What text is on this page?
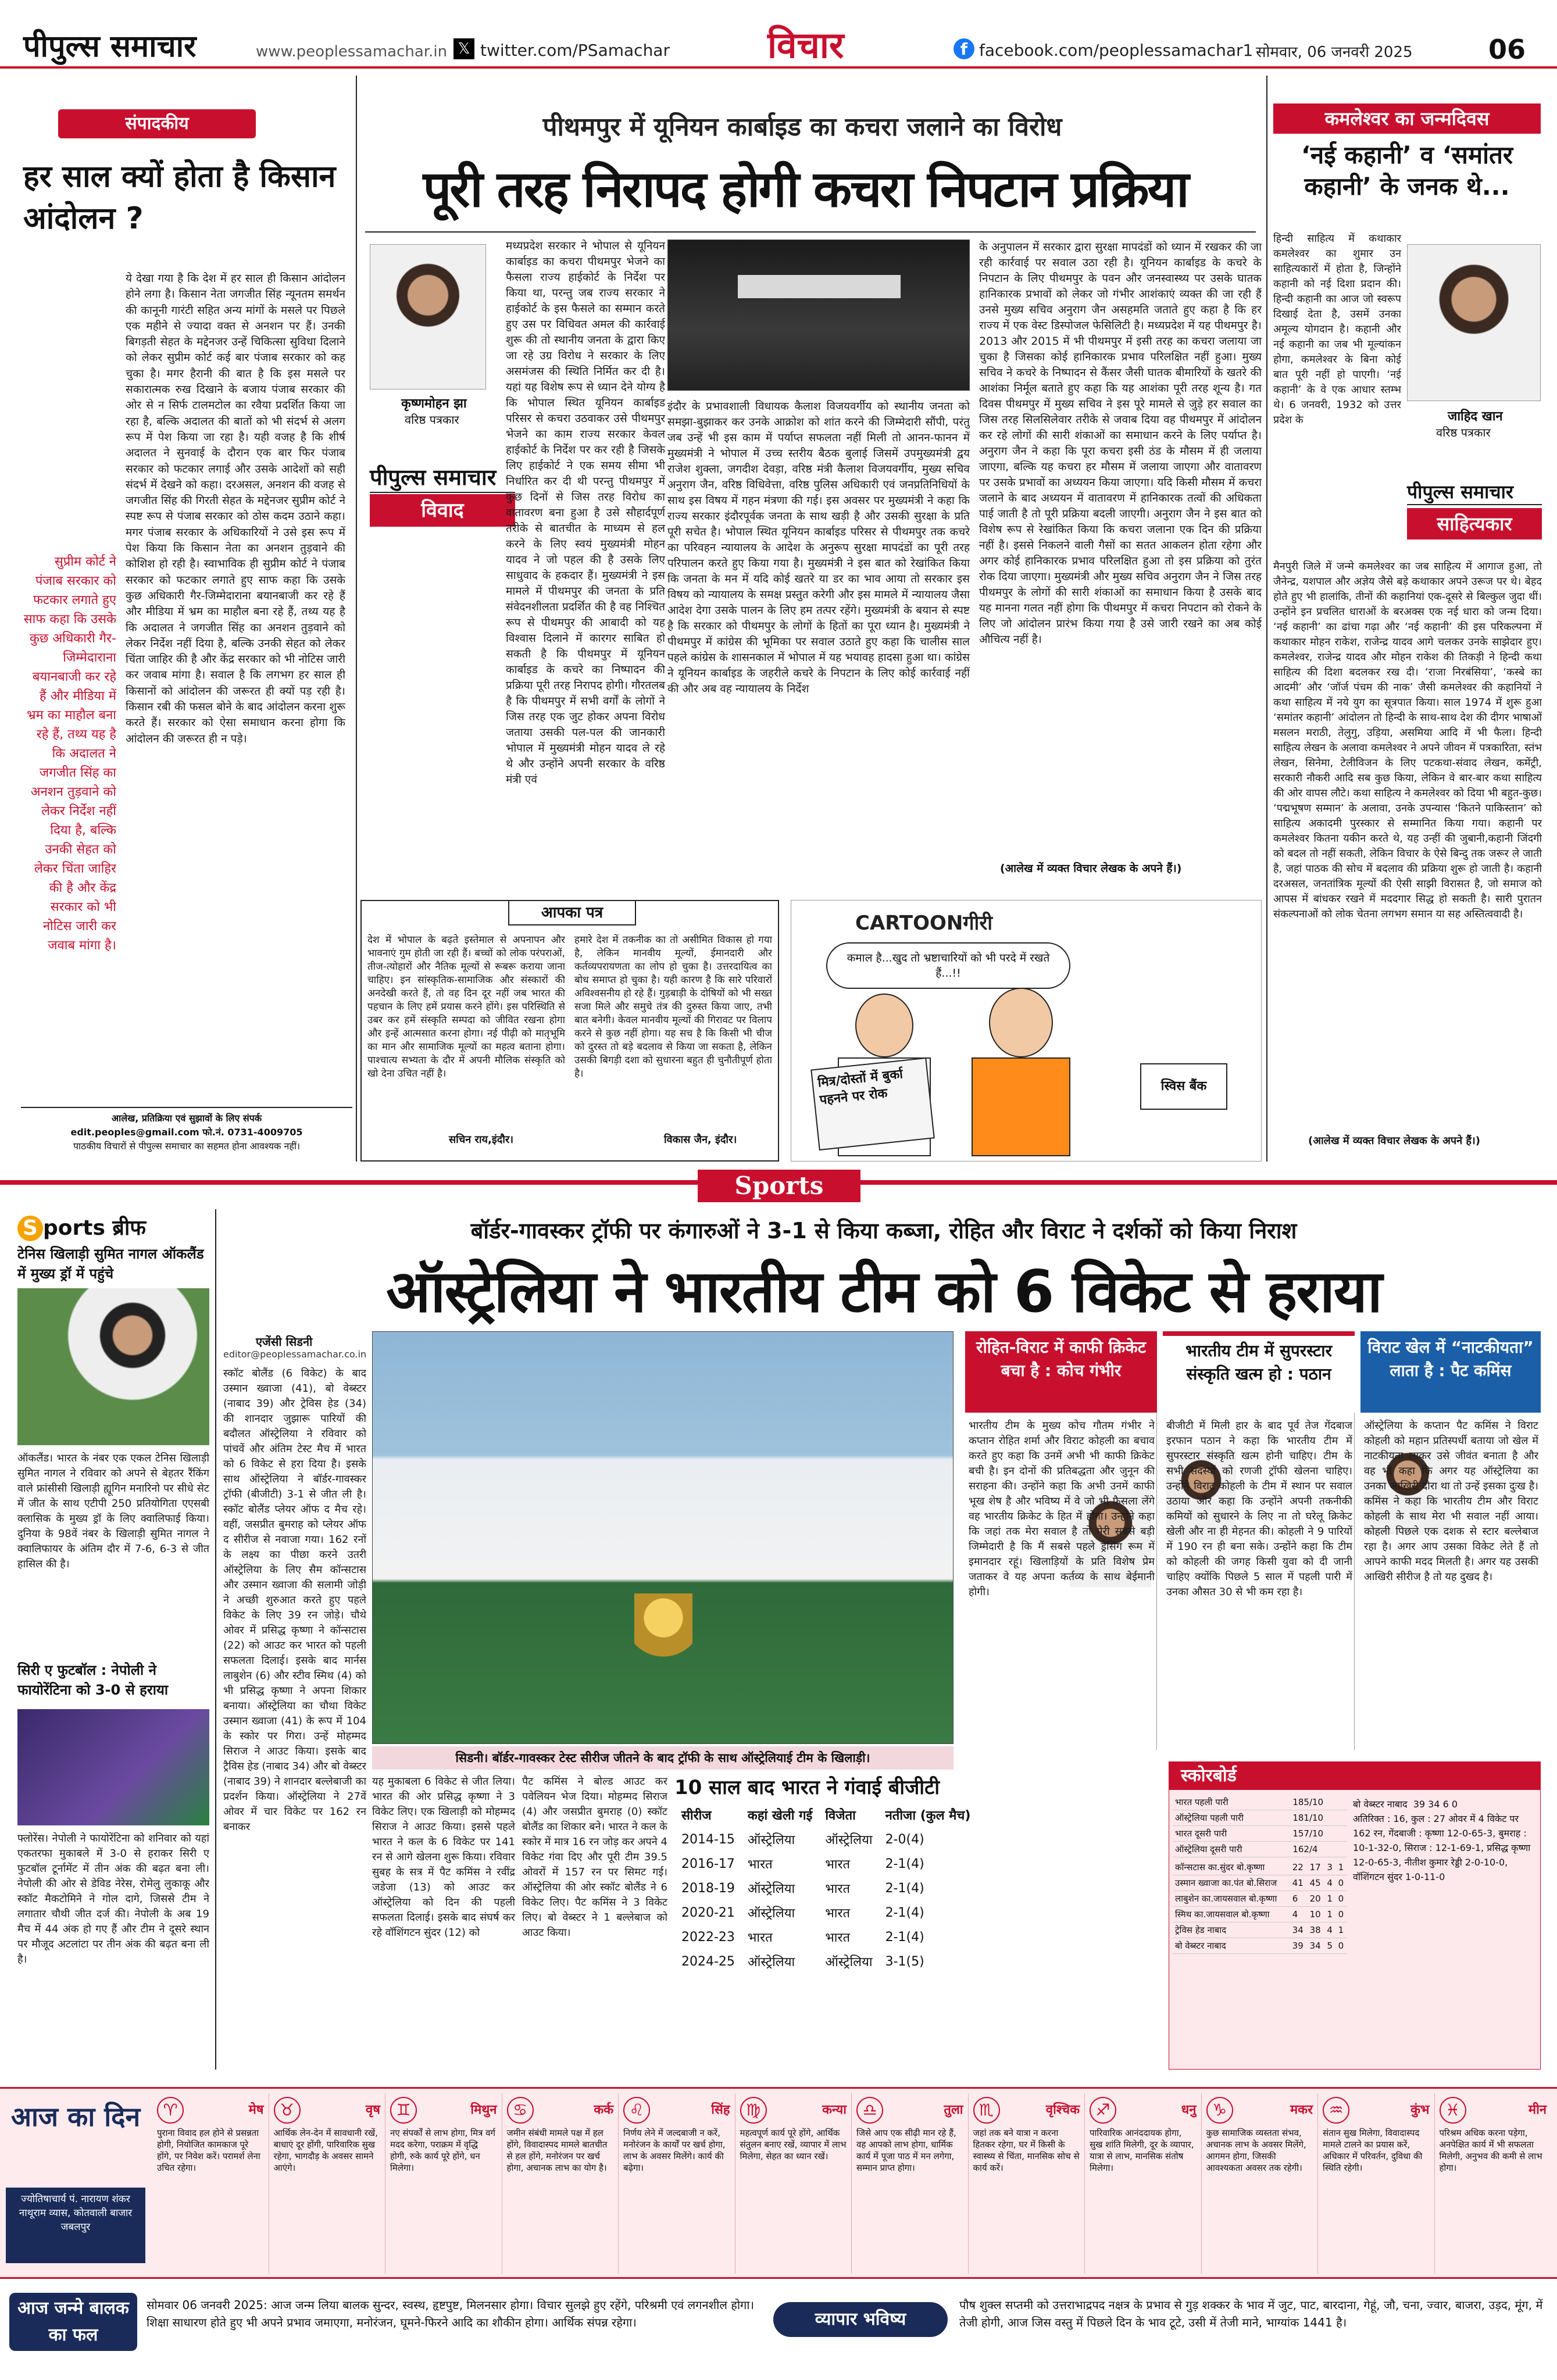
पीपुल्स समाचार	www.peoplessamachar.in 𝕏 twitter.com/PSamachar	विचार	f facebook.com/peoplessamachar1 सोमवार, 06 जनवरी 2025	06
संपादकीय
हर साल क्यों होता है किसान आंदोलन ?
ये देखा गया है कि देश में हर साल ही किसान आंदोलन होने लगा है। किसान नेता जगजीत सिंह न्यूनतम समर्थन की कानूनी गारंटी सहित अन्य मांगों के मसले पर पिछले एक महीने से ज्यादा वक्त से अनशन पर हैं। उनकी बिगड़ती सेहत के मद्देनजर उन्हें चिकित्सा सुविधा दिलाने को लेकर सुप्रीम कोर्ट कई बार पंजाब सरकार को कह चुका है। मगर हैरानी की बात है कि इस मसले पर सकारात्मक रुख दिखाने के बजाय पंजाब सरकार की ओर से न सिर्फ टालमटोल का रवैया प्रदर्शित किया जा रहा है, बल्कि अदालत की बातों को भी संदर्भ से अलग रूप में पेश किया जा रहा है। यही वजह है कि शीर्ष अदालत ने सुनवाई के दौरान एक बार फिर पंजाब सरकार को फटकार लगाई और उसके आदेशों को सही संदर्भ में देखने को कहा। दरअसल, अनशन की वजह से जगजीत सिंह की गिरती सेहत के मद्देनजर सुप्रीम कोर्ट ने स्पष्ट रूप से पंजाब सरकार को ठोस कदम उठाने कहा। मगर पंजाब सरकार के अधिकारियों ने उसे इस रूप में पेश किया कि किसान नेता का अनशन तुड़वाने की कोशिश हो रही है। स्वाभाविक ही सुप्रीम कोर्ट ने पंजाब सरकार को फटकार लगाते हुए साफ कहा कि उसके कुछ अधिकारी गैर-जिम्मेदाराना बयानबाजी कर रहे हैं और मीडिया में भ्रम का माहौल बना रहे हैं, तथ्य यह है कि अदालत ने जगजीत सिंह का अनशन तुड़वाने को लेकर निर्देश नहीं दिया है, बल्कि उनकी सेहत को लेकर चिंता जाहिर की है और केंद्र सरकार को भी नोटिस जारी कर जवाब मांगा है। सवाल है कि लगभग हर साल ही किसानों को आंदोलन की जरूरत ही क्यों पड़ रही है। किसान रबी की फसल बोने के बाद आंदोलन करना शुरू करते हैं। सरकार को ऐसा समाधान करना होगा कि आंदोलन की जरूरत ही न पड़े।
सुप्रीम कोर्ट ने पंजाब सरकार को फटकार लगाते हुए साफ कहा कि उसके कुछ अधिकारी गैर-जिम्मेदाराना बयानबाजी कर रहे हैं और मीडिया में भ्रम का माहौल बना रहे हैं, तथ्य यह है कि अदालत ने जगजीत सिंह का अनशन तुड़वाने को लेकर निर्देश नहीं दिया है, बल्कि उनकी सेहत को लेकर चिंता जाहिर की है और केंद्र सरकार को भी नोटिस जारी कर जवाब मांगा है।
आलेख, प्रतिक्रिया एवं सुझावों के लिए संपर्क
edit.peoples@gmail.com फो.नं. 0731-4009705
पाठकीय विचारों से पीपुल्स समाचार का सहमत होना आवश्यक नहीं।
पीथमपुर में यूनियन कार्बाइड का कचरा जलाने का विरोध
पूरी तरह निरापद होगी कचरा निपटान प्रक्रिया
कृष्णमोहन झा
वरिष्ठ पत्रकार
पीपुल्स समाचार
विवाद
मध्यप्रदेश सरकार ने भोपाल से यूनियन कार्बाइड का कचरा पीथमपुर भेजने का फैसला राज्य हाईकोर्ट के निर्देश पर किया था, परन्तु जब राज्य सरकार ने हाईकोर्ट के इस फैसले का सम्मान करते हुए उस पर विधिवत अमल की कार्रवाई शुरू की तो स्थानीय जनता के द्वारा किए जा रहे उग्र विरोध ने सरकार के लिए असमंजस की स्थिति निर्मित कर दी है। यहां यह विशेष रूप से ध्यान देने योग्य है कि भोपाल स्थित यूनियन कार्बाइड परिसर से कचरा उठवाकर उसे पीथमपुर भेजने का काम राज्य सरकार केवल हाईकोर्ट के निर्देश पर कर रही है जिसके लिए हाईकोर्ट ने एक समय सीमा भी निर्धारित कर दी थी परन्तु पीथमपुर में कुछ दिनों से जिस तरह विरोध का वातावरण बना हुआ है उसे सौहार्दपूर्ण तरीके से बातचीत के माध्यम से हल करने के लिए स्वयं मुख्यमंत्री मोहन यादव ने जो पहल की है उसके लिए साधुवाद के हकदार हैं। मुख्यमंत्री ने इस मामले में पीथमपुर की जनता के प्रति संवेदनशीलता प्रदर्शित की है वह निश्चित रूप से पीथमपुर की आबादी को यह विश्वास दिलाने में कारगर साबित हो सकती है कि पीथमपुर में यूनियन कार्बाइड के कचरे का निष्पादन की प्रक्रिया पूरी तरह निरापद होगी। गौरतलब है कि पीथमपुर में सभी वर्गों के लोगों ने जिस तरह एक जुट होकर अपना विरोध जताया उसकी पल-पल की जानकारी भोपाल में मुख्यमंत्री मोहन यादव ले रहे थे और उन्होंने अपनी सरकार के वरिष्ठ मंत्री एवं
इंदौर के प्रभावशाली विधायक कैलाश विजयवर्गीय को स्थानीय जनता को समझा-बुझाकर कर उनके आक्रोश को शांत करने की जिम्मेदारी सौंपी, परंतु जब उन्हें भी इस काम में पर्याप्त सफलता नहीं मिली तो आनन-फानन में मुख्यमंत्री ने भोपाल में उच्च स्तरीय बैठक बुलाई जिसमें उपमुख्यमंत्री द्वय राजेश शुक्ला, जगदीश देवड़ा, वरिष्ठ मंत्री कैलाश विजयवर्गीय, मुख्य सचिव अनुराग जैन, वरिष्ठ विधिवेत्ता, वरिष्ठ पुलिस अधिकारी एवं जनप्रतिनिधियों के साथ इस विषय में गहन मंत्रणा की गई। इस अवसर पर मुख्यमंत्री ने कहा कि राज्य सरकार इंदौरपूर्वक जनता के साथ खड़ी है और उसकी सुरक्षा के प्रति पूरी सचेत है। भोपाल स्थित यूनियन कार्बाइड परिसर से पीथमपुर तक कचरे का परिवहन न्यायालय के आदेश के अनुरूप सुरक्षा मापदंडों का पूरी तरह परिपालन करते हुए किया गया है। मुख्यमंत्री ने इस बात को रेखांकित किया कि जनता के मन में यदि कोई खतरे या डर का भाव आया तो सरकार इस विषय को न्यायालय के समक्ष प्रस्तुत करेगी और इस मामले में न्यायालय जैसा आदेश देगा उसके पालन के लिए हम तत्पर रहेंगे। मुख्यमंत्री के बयान से स्पष्ट है कि सरकार को पीथमपुर के लोगों के हितों का पूरा ध्यान है। मुख्यमंत्री ने पीथमपुर में कांग्रेस की भूमिका पर सवाल उठाते हुए कहा कि चालीस साल पहले कांग्रेस के शासनकाल में भोपाल में यह भयावह हादसा हुआ था। कांग्रेस ने यूनियन कार्बाइड के जहरीले कचरे के निपटान के लिए कोई कार्रवाई नहीं की और अब वह न्यायालय के निर्देश
के अनुपालन में सरकार द्वारा सुरक्षा मापदंडों को ध्यान में रखकर की जा रही कार्रवाई पर सवाल उठा रही है। यूनियन कार्बाइड के कचरे के निपटान के लिए पीथमपुर के पवन और जनस्वास्थ्य पर उसके घातक हानिकारक प्रभावों को लेकर जो गंभीर आशंकाएं व्यक्त की जा रही हैं उनसे मुख्य सचिव अनुराग जैन असहमति जताते हुए कहा है कि हर राज्य में एक वेस्ट डिस्पोजल फेसिलिटी है। मध्यप्रदेश में यह पीथमपुर है। 2013 और 2015 में भी पीथमपुर में इसी तरह का कचरा जलाया जा चुका है जिसका कोई हानिकारक प्रभाव परिलक्षित नहीं हुआ। मुख्य सचिव ने कचरे के निष्पादन से कैंसर जैसी घातक बीमारियों के खतरे की आशंका निर्मूल बताते हुए कहा कि यह आशंका पूरी तरह शून्य है। गत दिवस पीथमपुर में मुख्य सचिव ने इस पूरे मामले से जुड़े हर सवाल का जिस तरह सिलसिलेवार तरीके से जवाब दिया वह पीथमपुर में आंदोलन कर रहे लोगों की सारी शंकाओं का समाधान करने के लिए पर्याप्त है। अनुराग जैन ने कहा कि पूरा कचरा इसी ठंड के मौसम में ही जलाया जाएगा, बल्कि यह कचरा हर मौसम में जलाया जाएगा और वातावरण पर उसके प्रभावों का अध्ययन किया जाएगा। यदि किसी मौसम में कचरा जलाने के बाद अध्ययन में वातावरण में हानिकारक तत्वों की अधिकता पाई जाती है तो पूरी प्रक्रिया बदली जाएगी। अनुराग जैन ने इस बात को विशेष रूप से रेखांकित किया कि कचरा जलाना एक दिन की प्रक्रिया नहीं है। इससे निकलने वाली गैसों का सतत आकलन होता रहेगा और अगर कोई हानिकारक प्रभाव परिलक्षित हुआ तो इस प्रक्रिया को तुरंत रोक दिया जाएगा। मुख्यमंत्री और मुख्य सचिव अनुराग जैन ने जिस तरह पीथमपुर के लोगों की सारी शंकाओं का समाधान किया है उसके बाद यह मानना गलत नहीं होगा कि पीथमपुर में कचरा निपटान को रोकने के लिए जो आंदोलन प्रारंभ किया गया है उसे जारी रखने का अब कोई औचित्य नहीं है।
(आलेख में व्यक्त विचार लेखक के अपने हैं।)
आपका पत्र
देश में भोपाल के बढ़ते इस्तेमाल से अपनापन और भावनाएं गुम होती जा रही हैं। बच्चों को लोक परंपराओं, तीज-त्योहारों और नैतिक मूल्यों से रूबरू कराया जाना चाहिए। इन सांस्कृतिक-सामाजिक और संस्कारों की अनदेखी करते हैं, तो वह दिन दूर नहीं जब भारत की पहचान के लिए हमें प्रयास करने होंगे। इस परिस्थिति से उबर कर हमें संस्कृति सम्पदा को जीवित रखना होगा और इन्हें आत्मसात करना होगा। नई पीढ़ी को मातृभूमि का मान और सामाजिक मूल्यों का महत्व बताना होगा। पाश्चात्य सभ्यता के दौर में अपनी मौलिक संस्कृति को खो देना उचित नहीं है।
सचिन राय,इंदौर।
हमारे देश में तकनीक का तो असीमित विकास हो गया है, लेकिन मानवीय मूल्यों, ईमानदारी और कर्तव्यपरायणता का लोप हो चुका है। उत्तरदायित्व का बोध समाप्त हो चुका है। यही कारण है कि सारे परिवारों अविश्वसनीय हो रहे हैं। गुड़बाड़ी के दोषियों को भी सख्त सजा मिले और समुचे तंत्र की दुरुस्त किया जाए, तभी बात बनेगी। केवल मानवीय मूल्यों की गिरावट पर विलाप करने से कुछ नहीं होगा। यह सच है कि किसी भी चीज को दुरस्त तो बड़े बदलाव से किया जा सकता है, लेकिन उसकी बिगड़ी दशा को सुधारना बहुत ही चुनौतीपूर्ण होता है।
विकास जैन, इंदौर।
CARTOONगीरी
कमाल है...खुद तो भ्रष्टाचारियों को भी परदे में रखते हैं...!!
मित्र/दोस्तों में बुर्का पहनने पर रोक	स्विस बैंक
कमलेश्वर का जन्मदिवस
‘नई कहानी’ व ‘समांतर कहानी’ के जनक थे...
हिन्दी साहित्य में कथाकार कमलेश्वर का शुमार उन साहित्यकारों में होता है, जिन्होंने कहानी को नई दिशा प्रदान की। हिन्दी कहानी का आज जो स्वरूप दिखाई देता है, उसमें उनका अमूल्य योगदान है। कहानी और नई कहानी का जब भी मूल्यांकन होगा, कमलेश्वर के बिना कोई बात पूरी नहीं हो पाएगी। ‘नई कहानी’ के वे एक आधार स्तम्भ थे। 6 जनवरी, 1932 को उत्तर प्रदेश के	जाहिद खान
वरिष्ठ पत्रकार
पीपुल्स समाचार
साहित्यकार
मैनपुरी जिले में जन्मे कमलेश्वर का जब साहित्य में आगाज हुआ, तो जैनेन्द्र, यशपाल और अज्ञेय जैसे बड़े कथाकार अपने उरूज पर थे। बेहद होते हुए भी हालांकि, तीनों की कहानियां एक-दूसरे से बिल्कुल जुदा थीं। उन्होंने इन प्रचलित धाराओं के बरअक्स एक नई धारा को जन्म दिया। ‘नई कहानी’ का ढांचा गढ़ा और ‘नई कहानी’ की इस परिकल्पना में कथाकार मोहन राकेश, राजेन्द्र यादव आगे चलकर उनके साझेदार हुए। कमलेश्वर, राजेन्द्र यादव और मोहन राकेश की तिकड़ी ने हिन्दी कथा साहित्य की दिशा बदलकर रख दी। ‘राजा निरबंसिया’, ‘कस्बे का आदमी’ और ‘जॉर्ज पंचम की नाक’ जैसी कमलेश्वर की कहानियों ने कथा साहित्य में नये युग का सूत्रपात किया। साल 1974 में शुरू हुआ ‘समांतर कहानी’ आंदोलन तो हिन्दी के साथ-साथ देश की दीगर भाषाओं मसलन मराठी, तेलुगु, उड़िया, असमिया आदि में भी फैला। हिन्दी साहित्य लेखन के अलावा कमलेश्वर ने अपने जीवन में पत्रकारिता, स्तंभ लेखन, सिनेमा, टेलीविजन के लिए पटकथा-संवाद लेखन, कमेंट्री, सरकारी नौकरी आदि सब कुछ किया, लेकिन वे बार-बार कथा साहित्य की ओर वापस लौटे। कथा साहित्य ने कमलेश्वर को दिया भी बहुत-कुछ। ‘पद्मभूषण सम्मान’ के अलावा, उनके उपन्यास ‘कितने पाकिस्तान’ को साहित्य अकादमी पुरस्कार से सम्मानित किया गया। कहानी पर कमलेश्वर कितना यकीन करते थे, यह उन्हीं की जुबानी,कहानी जिंदगी को बदल तो नहीं सकती, लेकिन विचार के ऐसे बिन्दु तक जरूर ले जाती है, जहां पाठक की सोच में बदलाव की प्रक्रिया शुरू हो जाती है। कहानी दरअसल, जनतांत्रिक मूल्यों की ऐसी साझी विरासत है, जो समाज को आपस में बांधकर रखने में मददगार सिद्ध हो सकती है। सारी पुरातन संकल्पनाओं को लोक चेतना लगभग समान या सह अस्तित्ववादी है।
(आलेख में व्यक्त विचार लेखक के अपने हैं।)
Sports
S ports ब्रीफ
टेनिस खिलाड़ी सुमित नागल ऑकलैंड में मुख्य ड्रॉ में पहुंचे
ऑकलैंड। भारत के नंबर एक एकल टेनिस खिलाड़ी सुमित नागल ने रविवार को अपने से बेहतर रैंकिंग वाले फ्रांसीसी खिलाड़ी ह्यूगिन मनारिनो पर सीधे सेट में जीत के साथ एटीपी 250 प्रतियोगिता एएसबी क्लासिक के मुख्य ड्रॉ के लिए क्वालिफाई किया। दुनिया के 98वें नंबर के खिलाड़ी सुमित नागल ने क्वालिफायर के अंतिम दौर में 7-6, 6-3 से जीत हासिल की है।
सिरी ए फुटबॉल : नेपोली ने फायोरेंटिना को 3-0 से हराया
फ्लोरेंस। नेपोली ने फायोरेंटिना को शनिवार को यहां एकतरफा मुकाबले में 3-0 से हराकर सिरी ए फुटबॉल टूर्नामेंट में तीन अंक की बढ़त बना ली। नेपोली की ओर से डेविड नेरेस, रोमेलु लुकाकू और स्कॉट मैकटोमिने ने गोल दागे, जिससे टीम ने लगातार चौथी जीत दर्ज की। नेपोली के अब 19 मैच में 44 अंक हो गए हैं और टीम ने दूसरे स्थान पर मौजूद अटलांटा पर तीन अंक की बढ़त बना ली है।
बॉर्डर-गावस्कर ट्रॉफी पर कंगारुओं ने 3-1 से किया कब्जा, रोहित और विराट ने दर्शकों को किया निराश
ऑस्ट्रेलिया ने भारतीय टीम को 6 विकेट से हराया
एजेंसी सिडनी
editor@peoplessamachar.co.in
स्कॉट बोलैंड (6 विकेट) के बाद उस्मान ख्वाजा (41), बो वेब्स्टर (नाबाद 39) और ट्रेविस हेड (34) की शानदार जुझारू पारियों की बदौलत ऑस्ट्रेलिया ने रविवार को पांचवें और अंतिम टेस्ट मैच में भारत को 6 विकेट से हरा दिया है। इसके साथ ऑस्ट्रेलिया ने बॉर्डर-गावस्कर ट्रॉफी (बीजीटी) 3-1 से जीत ली है। स्कॉट बोलैंड प्लेयर ऑफ द मैच रहे। वहीं, जसप्रीत बुमराह को प्लेयर ऑफ द सीरीज से नवाजा गया। 162 रनों के लक्ष्य का पीछा करने उतरी ऑस्ट्रेलिया के लिए सैम कॉन्सटास और उस्मान ख्वाजा की सलामी जोड़ी ने अच्छी शुरुआत करते हुए पहले विकेट के लिए 39 रन जोड़े। चौथे ओवर में प्रसिद्ध कृष्णा ने कॉन्सटास (22) को आउट कर भारत को पहली सफलता दिलाई। इसके बाद मार्नस लाबुशेन (6) और स्टीव स्मिथ (4) को भी प्रसिद्ध कृष्णा ने अपना शिकार बनाया। ऑस्ट्रेलिया का चौथा विकेट उस्मान ख्वाजा (41) के रूप में 104 के स्कोर पर गिरा। उन्हें मोहम्मद सिराज ने आउट किया। इसके बाद ट्रैविस हेड (नाबाद 34) और बो वेब्स्टर (नाबाद 39) ने शानदार बल्लेबाजी का प्रदर्शन किया। ऑस्ट्रेलिया ने 27वें ओवर में चार विकेट पर 162 रन बनाकर
सिडनी। बॉर्डर-गावस्कर टेस्ट सीरीज जीतने के बाद ट्रॉफी के साथ ऑस्ट्रेलियाई टीम के खिलाड़ी।
यह मुकाबला 6 विकेट से जीत लिया। भारत की ओर प्रसिद्ध कृष्णा ने 3 विकेट लिए। एक खिलाड़ी को मोहम्मद सिराज ने आउट किया। इससे पहले भारत ने कल के 6 विकेट पर 141 रन से आगे खेलना शुरू किया। रविवार सुबह के सत्र में पैट कमिंस ने रवींद्र जडेजा (13) को आउट कर ऑस्ट्रेलिया को दिन की पहली सफलता दिलाई। इसके बाद संघर्ष कर रहे वॉशिंगटन सुंदर (12) को
पैट कमिंस ने बोल्ड आउट कर पवेलियन भेज दिया। मोहम्मद सिराज (4) और जसप्रीत बुमराह (0) स्कॉट बोलैंड का शिकार बने। भारत ने कल के स्कोर में मात्र 16 रन जोड़ कर अपने 4 विकेट गंवा दिए और पूरी टीम 39.5 ओवरों में 157 रन पर सिमट गई। ऑस्ट्रेलिया की ओर स्कॉट बोलैंड ने 6 विकेट लिए। पैट कमिंस ने 3 विकेट लिए। बो वेब्स्टर ने 1 बल्लेबाज को आउट किया।
रोहित-विराट में काफी क्रिकेट बचा है : कोच गंभीर
भारतीय टीम के मुख्य कोच गौतम गंभीर ने कप्तान रोहित शर्मा और विराट कोहली का बचाव करते हुए कहा कि उनमें अभी भी काफी क्रिकेट बची है। इन दोनों की प्रतिबद्धता और जुनून की सराहना की। उन्होंने कहा कि अभी उनमें काफी भूख शेष है और भविष्य में वे जो भी फैसला लेंगे वह भारतीय क्रिकेट के हित में होगा। उन्होंने कहा कि जहां तक मेरा सवाल है तो मेरी सबसे बड़ी जिम्मेदारी है कि मैं सबसे पहले ड्रेसिंग रूम में इमानदार रहूं। खिलाड़ियों के प्रति विशेष प्रेम जताकर वे यह अपना कर्तव्य के साथ बेईमानी होगी।
भारतीय टीम में सुपरस्टार संस्कृति खत्म हो : पठान
बीजीटी में मिली हार के बाद पूर्व तेज गेंदबाज इरफान पठान ने कहा कि भारतीय टीम में सुपरस्टार संस्कृति खत्म होनी चाहिए। टीम के सभी सदस्यों को रणजी ट्रॉफी खेलना चाहिए। उन्होंने विराट कोहली के टीम में स्थान पर सवाल उठाया और कहा कि उन्होंने अपनी तकनीकी कमियों को सुधारने के लिए ना तो घरेलू क्रिकेट खेली और ना ही मेहनत की। कोहली ने 9 पारियों में 190 रन ही बना सके। उन्होंने कहा कि टीम को कोहली की जगह किसी युवा को दी जानी चाहिए क्योंकि पिछले 5 साल में पहली पारी में उनका औसत 30 से भी कम रहा है।
विराट खेल में “नाटकीयता” लाता है : पैट कमिंस
ऑस्ट्रेलिया के कप्तान पैट कमिंस ने विराट कोहली को महान प्रतिस्पर्धी बताया जो खेल में नाटकीयता लाकर उसे जीवंत बनाता है और वह भी कहा कि अगर यह ऑस्ट्रेलिया का उनका आखिरी दौरा था तो उन्हें इसका दुःख है। कमिंस ने कहा कि भारतीय टीम और विराट कोहली के साथ मेरा भी सवाल नहीं आया। कोहली पिछले एक दशक से स्टार बल्लेबाज रहा है। अगर आप उसका विकेट लेते हैं तो आपने काफी मदद मिलती है। अगर यह उसकी आखिरी सीरीज है तो यह दुखद है।
10 साल बाद भारत ने गंवाई बीजीटी
सीरीज	कहां खेली गई	विजेता	नतीजा (कुल मैच)
2014-15	ऑस्ट्रेलिया	ऑस्ट्रेलिया	2-0(4)
2016-17	भारत	भारत	2-1(4)
2018-19	ऑस्ट्रेलिया	भारत	2-1(4)
2020-21	ऑस्ट्रेलिया	भारत	2-1(4)
2022-23	भारत	भारत	2-1(4)
2024-25	ऑस्ट्रेलिया	ऑस्ट्रेलिया	3-1(5)
स्कोरबोर्ड
भारत पहली पारी	185/10
ऑस्ट्रेलिया पहली पारी	181/10
भारत दूसरी पारी	157/10
ऑस्ट्रेलिया दूसरी पारी	162/4
कॉन्सटास का.सुंदर बो.कृष्णा	22	17	3	1
उस्मान ख्वाजा का.पंत बो.सिराज	41	45	4	0
लाबुशेन का.जायसवाल बो.कृष्णा	6	20	1	0
स्मिथ का.जायसवाल बो.कृष्णा	4	10	1	0
ट्रेविस हेड नाबाद	34	38	4	1
बो वेब्स्टर नाबाद	39	34	5	0
बो वेब्स्टर नाबाद  39 34 6 0
अतिरिक्त : 16, कुल : 27 ओवर में 4 विकेट पर 162 रन, गेंदबाजी : कृष्णा 12-0-65-3, बुमराह : 10-1-32-0, सिराज : 12-1-69-1, प्रसिद्ध कृष्णा 12-0-65-3, नीतीश कुमार रेड्डी 2-0-10-0, वॉशिंगटन सुंदर 1-0-11-0
आज का दिन
ज्योतिषाचार्य पं. नारायण शंकर नाथूराम व्यास, कोतवाली बाजार जबलपुर
♈	मेष
पुराना विवाद हल होने से प्रसन्नता होगी, नियोजित कामकाज पूरे होंगे, पर निवेश करें। परामर्श लेना उचित रहेगा।
♉	वृष
आर्थिक लेन-देन में सावधानी रखें, बाधाएं दूर होंगी, पारिवारिक सुख रहेगा, भागदौड़ के अवसर सामने आएंगे।
♊	मिथुन
नए संपर्कों से लाभ होगा, मित्र वर्ग मदद करेगा, पराक्रम में वृद्धि होगी, रुके कार्य पूरे होंगे, धन मिलेगा।
♋	कर्क
जमीन संबंधी मामले पक्ष में हल होंगे, विवादास्पद मामले बातचीत से हल होंगे, मनोरंजन पर खर्च होगा, अचानक लाभ का योग है।
♌	सिंह
निर्णय लेने में जल्दबाजी न करें, मनोरंजन के कार्यों पर खर्च होगा, लाभ के अवसर मिलेंगे। कार्य की बढ़ेगा।
♍	कन्या
महत्वपूर्ण कार्य पूरे होंगे, आर्थिक संतुलन बनाए रखें, व्यापार में लाभ मिलेगा, सेहत का ध्यान रखें।
♎	तुला
जिसे आप एक सीढ़ी मान रहे हैं, वह आपको लाभ होगा, धार्मिक कार्य में पूजा पाठ में मन लगेगा, सम्मान प्राप्त होगा।
♏	वृश्चिक
जहां तक बने यात्रा न करना हितकर रहेगा, घर में किसी के स्वास्थ्य से चिंता, मानसिक सोच से कार्य करें।
♐	धनु
पारिवारिक आनंददायक होगा, सुख शांति मिलेगी, दूर के व्यापार, यात्रा से लाभ, मानसिक संतोष मिलेगा।
♑	मकर
कुछ सामाजिक व्यस्तता संभव, अचानक लाभ के अवसर मिलेंगे, आगमन होगा, जिसकी आवश्यकता अवसर तक रहेगी।
♒	कुंभ
संतान सुख मिलेगा, विवादास्पद मामले टालने का प्रयास करें, अधिकार में परिवर्तन, दुविधा की स्थिति रहेगी।
♓	मीन
परिश्रम अधिक करना पड़ेगा, अनपेक्षित कार्य में भी सफलता मिलेगी, अनुभव की कमी से लाभ होगा।
आज जन्मे बालक का फल
सोमवार 06 जनवरी 2025: आज जन्म लिया बालक सुन्दर, स्वस्थ, हृष्टपुष्ट, मिलनसार होगा। विचार सुलझे हुए रहेंगे, परिश्रमी एवं लगनशील होगा। शिक्षा साधारण होते हुए भी अपने प्रभाव जमाएगा, मनोरंजन, घूमने-फिरने आदि का शौकीन होगा। आर्थिक संपन्न रहेगा।	व्यापार भविष्य
पौष शुक्ल सप्तमी को उत्तराभाद्रपद नक्षत्र के प्रभाव से गुड़ शक्कर के भाव में जुट, पाट, बारदाना, गेहूं, जौ, चना, ज्वार, बाजरा, उड़द, मूंग, में तेजी होगी, आज जिस वस्तु में पिछले दिन के भाव टूटे, उसी में तेजी माने, भाग्यांक 1441 है।
